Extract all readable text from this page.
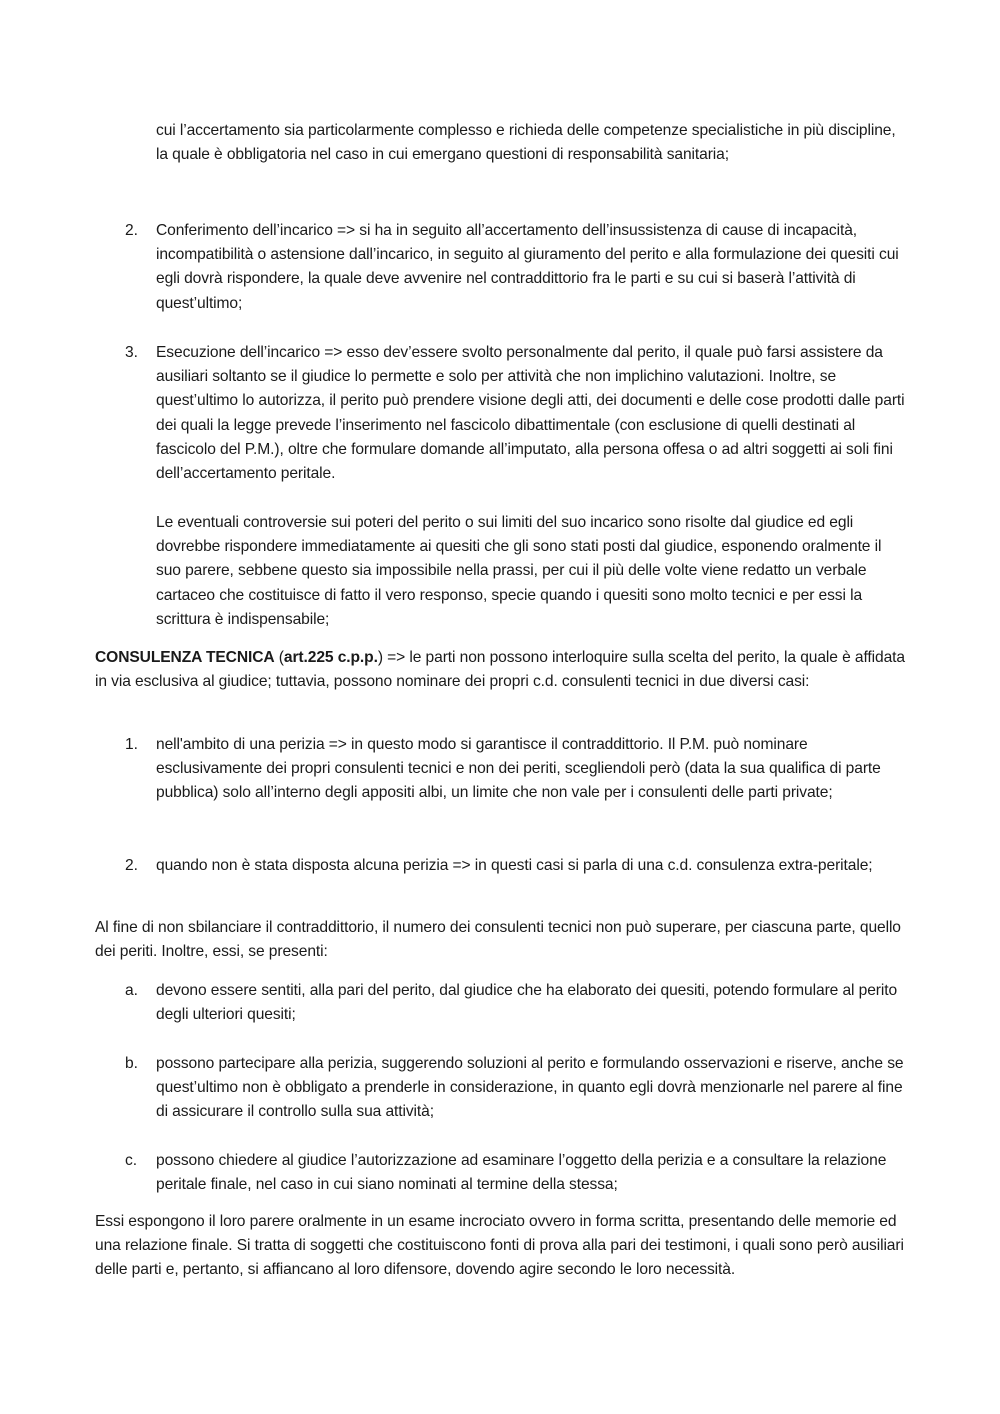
cui l’accertamento sia particolarmente complesso e richieda delle competenze specialistiche in più discipline, la quale è obbligatoria nel caso in cui emergano questioni di responsabilità sanitaria;

2.	Conferimento dell’incarico => si ha in seguito all’accertamento dell’insussistenza di cause di incapacità, incompatibilità o astensione dall’incarico, in seguito al giuramento del perito e alla formulazione dei quesiti cui egli dovrà rispondere, la quale deve avvenire nel contraddittorio fra le parti e su cui si baserà l’attività di quest’ultimo;
3.	Esecuzione dell’incarico => esso dev’essere svolto personalmente dal perito, il quale può farsi assistere da ausiliari soltanto se il giudice lo permette e solo per attività che non implichino valutazioni. Inoltre, se quest’ultimo lo autorizza, il perito può prendere visione degli atti, dei documenti e delle cose prodotti dalle parti dei quali la legge prevede l’inserimento nel fascicolo dibattimentale (con esclusione di quelli destinati al fascicolo del P.M.), oltre che formulare domande all’imputato, alla persona offesa o ad altri soggetti ai soli fini dell’accertamento peritale.

Le eventuali controversie sui poteri del perito o sui limiti del suo incarico sono risolte dal giudice ed egli dovrebbe rispondere immediatamente ai quesiti che gli sono stati posti dal giudice, esponendo oralmente il suo parere, sebbene questo sia impossibile nella prassi, per cui il più delle volte viene redatto un verbale cartaceo che costituisce di fatto il vero responso, specie quando i quesiti sono molto tecnici e per essi la scrittura è indispensabile;

CONSULENZA TECNICA (art.225 c.p.p.) => le parti non possono interloquire sulla scelta del perito, la quale è affidata in via esclusiva al giudice; tuttavia, possono nominare dei propri c.d. consulenti tecnici in due diversi casi:

1.	nell'ambito di una perizia => in questo modo si garantisce il contraddittorio. Il P.M. può nominare esclusivamente dei propri consulenti tecnici e non dei periti, scegliendoli però (data la sua qualifica di parte pubblica) solo all’interno degli appositi albi, un limite che non vale per i consulenti delle parti private;
2.	quando non è stata disposta alcuna perizia => in questi casi si parla di una c.d. consulenza extra-peritale;

Al fine di non sbilanciare il contraddittorio, il numero dei consulenti tecnici non può superare, per ciascuna parte, quello dei periti. Inoltre, essi, se presenti:

a.	devono essere sentiti, alla pari del perito, dal giudice che ha elaborato dei quesiti, potendo formulare al perito degli ulteriori quesiti;
b.	possono partecipare alla perizia, suggerendo soluzioni al perito e formulando osservazioni e riserve, anche se quest’ultimo non è obbligato a prenderle in considerazione, in quanto egli dovrà menzionarle nel parere al fine di assicurare il controllo sulla sua attività;
c.	possono chiedere al giudice l’autorizzazione ad esaminare l’oggetto della perizia e a consultare la relazione peritale finale, nel caso in cui siano nominati al termine della stessa;

Essi espongono il loro parere oralmente in un esame incrociato ovvero in forma scritta, presentando delle memorie ed una relazione finale. Si tratta di soggetti che costituiscono fonti di prova alla pari dei testimoni, i quali sono però ausiliari delle parti e, pertanto, si affiancano al loro difensore, dovendo agire secondo le loro necessità.
